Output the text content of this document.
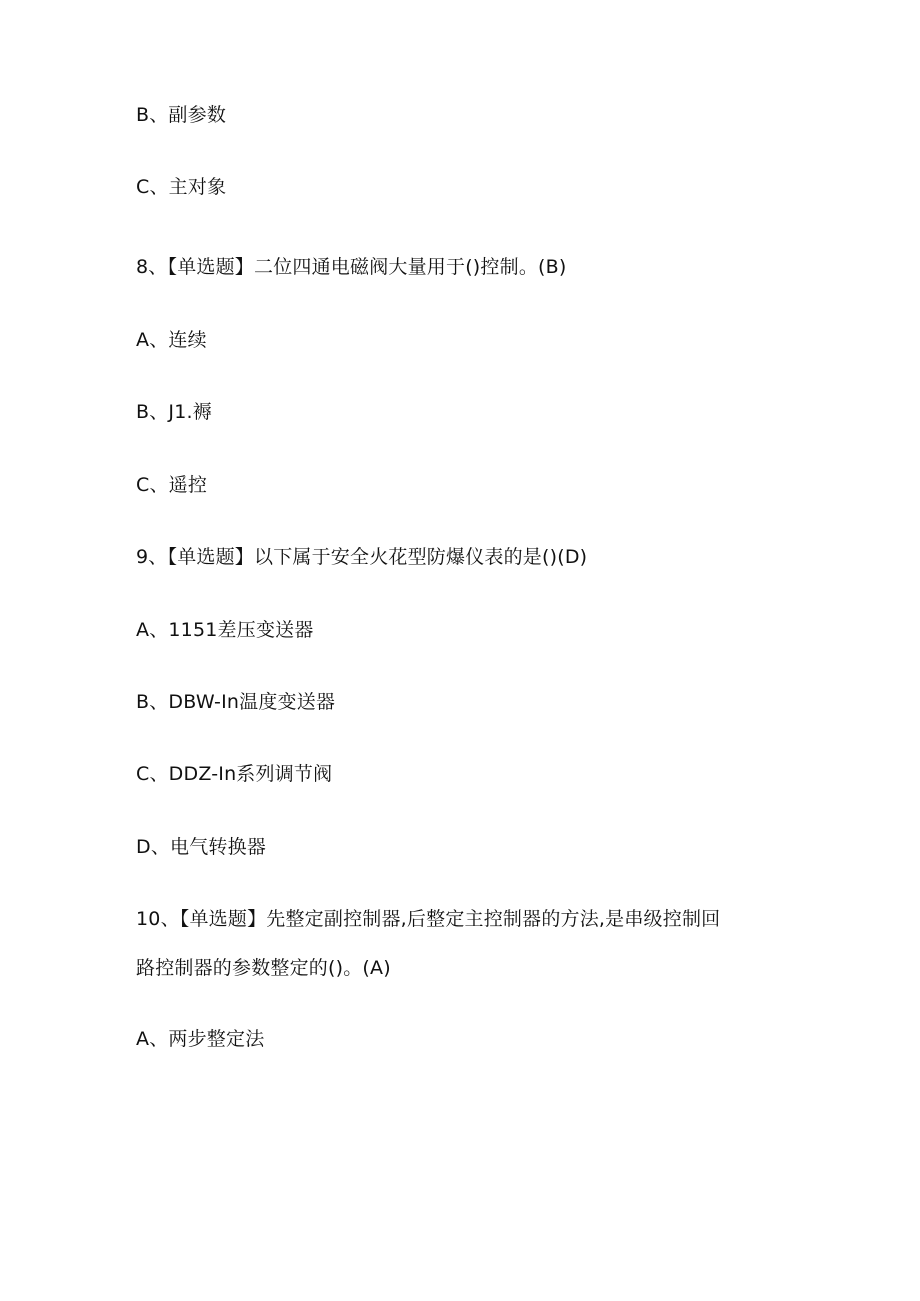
B、副参数
C、主对象
8、【单选题】二位四通电磁阀大量用于()控制。(B)
A、连续
B、J1.褥
C、遥控
9、【单选题】以下属于安全火花型防爆仪表的是()(D)
A、1151差压变送器
B、DBW-In温度变送器
C、DDZ-In系列调节阀
D、电气转换器
10、【单选题】先整定副控制器,后整定主控制器的方法,是串级控制回
路控制器的参数整定的()。(A)
A、两步整定法
